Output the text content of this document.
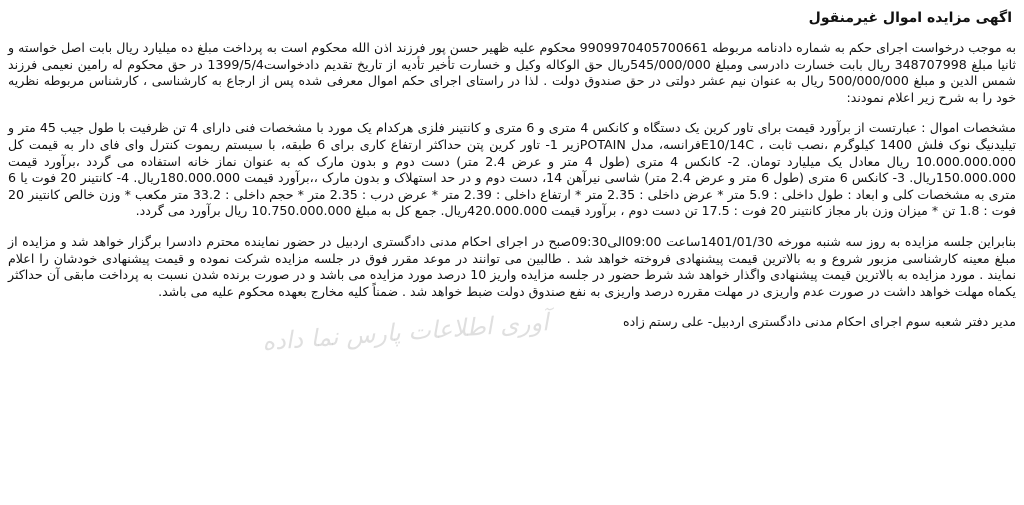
اگهی مزایده اموال غیرمنقول

به موجب درخواست اجرای حکم به شماره دادنامه مربوطه 9909970405700661 محکوم علیه ظهیر حسن پور فرزند اذن الله محکوم است به پرداخت مبلغ ده میلیارد ریال بابت اصل خواسته و ثانیا مبلغ 348707998 ریال بابت خسارت دادرسی ومبلغ 545/000/000ریال حق الوکاله وکیل و خسارت تأخیر تأدیه از تاریخ تقدیم دادخواست1399/5/4 در حق محکوم له رامین نعیمی فرزند شمس الدین و مبلغ 500/000/000 ریال به عنوان نیم عشر دولتی در حق صندوق دولت . لذا در راستای اجرای حکم اموال معرفی شده پس از ارجاع به کارشناسی ، کارشناس مربوطه نظریه خود را به شرح زیر اعلام نمودند:

مشخصات اموال : عبارتست از برآورد قیمت برای تاور کرین یک دستگاه و کانکس 4 متری و 6 متری و کانتینر فلزی هرکدام یک مورد با مشخصات فنی دارای 4 تن ظرفیت با طول جیب 45 متر و تیلیدنیگ نوک فلش 1400 کیلوگرم ،نصب ثابت ، E10/14Cفرانسه، مدل POTAINزیر 1- تاور کرین پتن حداکثر ارتفاع کاری برای 6 طبقه، با سیستم ریموت کنترل وای فای دار به قیمت کل 10.000.000.000 ریال معادل یک میلیارد تومان. 2- کانکس 4 متری (طول 4 متر و عرض 2.4 متر) دست دوم و بدون مارک که به عنوان نماز خانه استفاده می گردد ،برآورد قیمت 150.000.000ریال. 3- کانکس 6 متری (طول 6 متر و عرض 2.4 متر) شاسی نیرآهن 14، دست دوم و در حد استهلاک و بدون مارک ،،برآورد قیمت 180.000.000ریال. 4- کانتینر 20 فوت یا 6 متری به مشخصات کلی و ابعاد : طول داخلی : 5.9 متر * عرض داخلی : 2.35 متر * ارتفاع داخلی : 2.39 متر * عرض درب : 2.35 متر * حجم داخلی : 33.2 متر مکعب * وزن خالص کانتینر 20 فوت : 1.8 تن * میزان وزن بار مجاز کانتینر 20 فوت : 17.5 تن دست دوم ، برآورد قیمت 420.000.000ریال. جمع کل به مبلغ 10.750.000.000 ریال برآورد می گردد.

بنابراین جلسه مزایده به روز سه شنبه مورخه 1401/01/30ساعت 09:00الی09:30صبح در اجرای احکام مدنی دادگستری اردبیل در حضور نماینده محترم دادسرا برگزار خواهد شد و مزایده از مبلغ معینه کارشناسی مزبور شروع و به بالاترین قیمت پیشنهادی فروخته خواهد شد . طالبین می توانند در موعد مقرر فوق در جلسه مزایده شرکت نموده و قیمت پیشنهادی خودشان را اعلام نمایند . مورد مزایده به بالاترین قیمت پیشنهادی واگذار خواهد شد شرط حضور در جلسه مزایده واریز 10 درصد مورد مزایده می باشد و در صورت برنده شدن نسبت به پرداخت مابقی آن حداکثر یکماه مهلت خواهد داشت در صورت عدم واریزی در مهلت مقرره درصد واریزی به نفع صندوق دولت ضبط خواهد شد . ضمناً کلیه مخارج بعهده محکوم علیه می باشد.

مدیر دفتر شعبه سوم اجرای احکام مدنی دادگستری اردبیل- علی رستم زاده
آوری اطلاعات پارس نما داده
